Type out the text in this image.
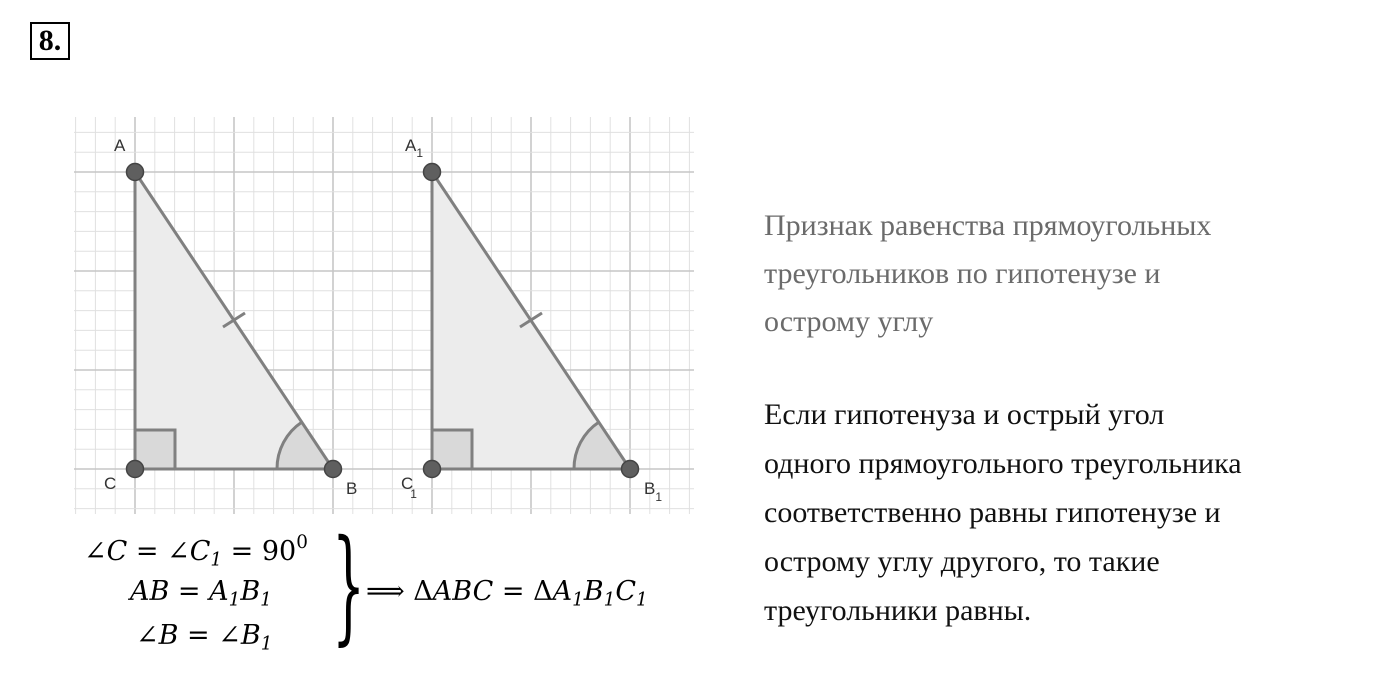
8.
A
C	B
$A_1$
C 1	$B_1$
∠C = $\angle C_1 = 90^0$
AB = $A_1B_1$
∠B = $\angle B_1$ } ⟹ $\Delta ABC = \Delta A_1B_1C_1$

Признак равенства прямоугольных
треугольников по гипотенузе и
острому углу

Если гипотенуза и острый угол
одного прямоугольного треугольника
соответственно равны гипотенузе и
острому углу другого, то такие
треугольники равны.
